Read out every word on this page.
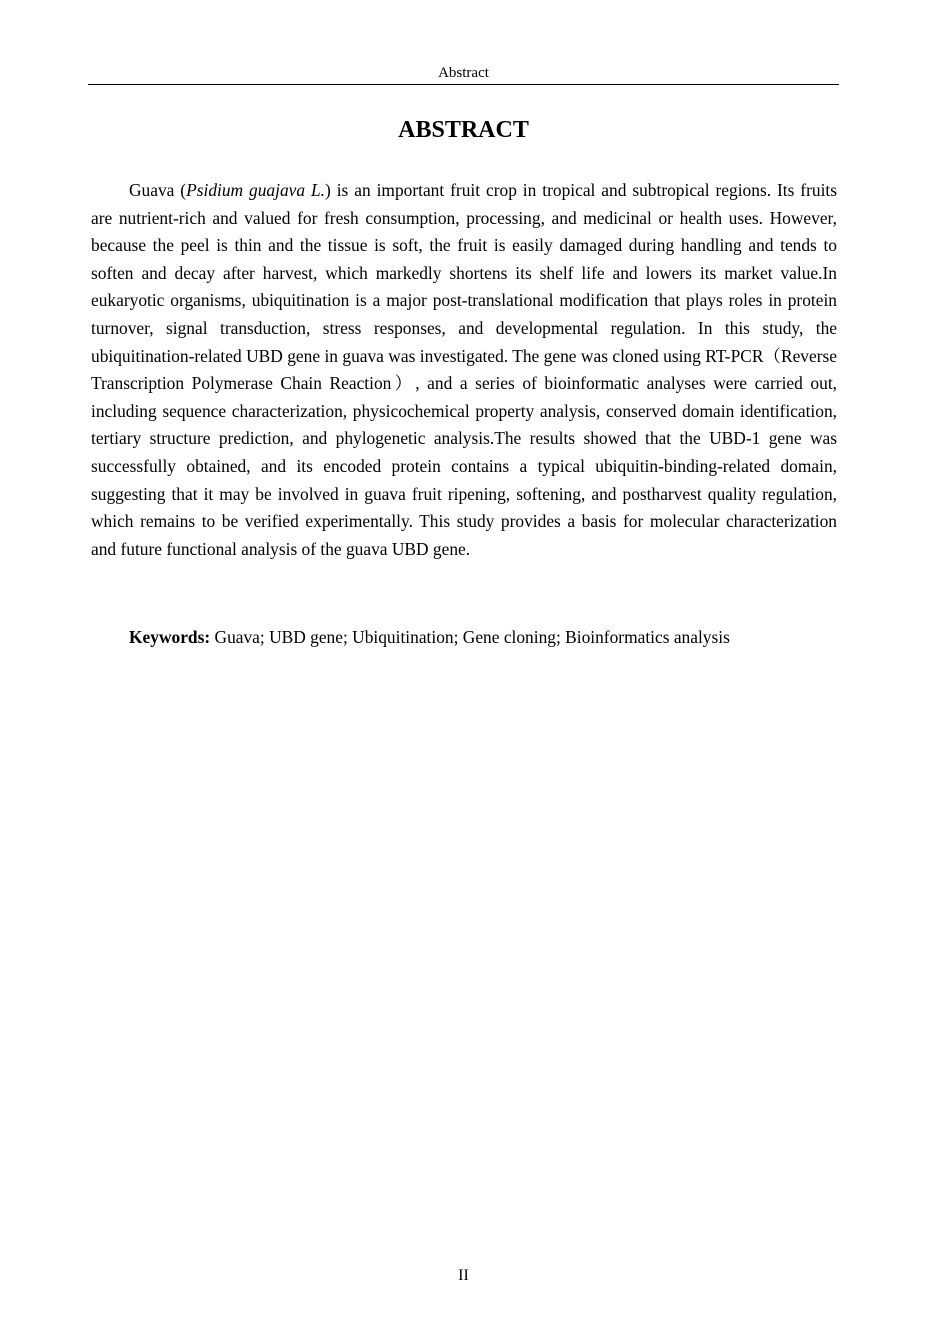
Abstract
ABSTRACT

Guava (Psidium guajava L.) is an important fruit crop in tropical and subtropical regions. Its fruits are nutrient-rich and valued for fresh consumption, processing, and medicinal or health uses. However, because the peel is thin and the tissue is soft, the fruit is easily damaged during handling and tends to soften and decay after harvest, which markedly shortens its shelf life and lowers its market value.In eukaryotic organisms, ubiquitination is a major post-translational modification that plays roles in protein turnover, signal transduction, stress responses, and developmental regulation. In this study, the ubiquitination-related UBD gene in guava was investigated. The gene was cloned using RT-PCR（Reverse Transcription Polymerase Chain Reaction）, and a series of bioinformatic analyses were carried out, including sequence characterization, physicochemical property analysis, conserved domain identification, tertiary structure prediction, and phylogenetic analysis.The results showed that the UBD-1 gene was successfully obtained, and its encoded protein contains a typical ubiquitin-binding-related domain, suggesting that it may be involved in guava fruit ripening, softening, and postharvest quality regulation, which remains to be verified experimentally. This study provides a basis for molecular characterization and future functional analysis of the guava UBD gene.

Keywords: Guava; UBD gene; Ubiquitination; Gene cloning; Bioinformatics analysis

II
